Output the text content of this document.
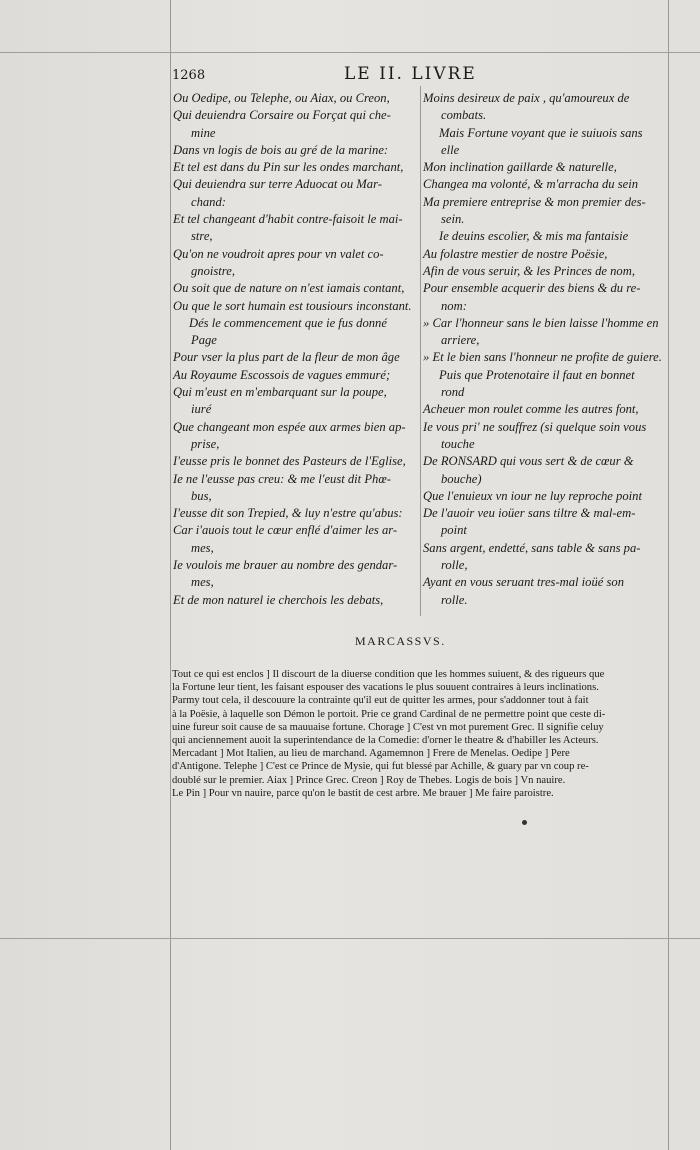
1268	LE II. LIVRE
Ou Oedipe, ou Telephe, ou Aiax, ou Creon,
Qui deuiendra Corsaire ou Forçat qui che-
mine
Dans vn logis de bois au gré de la marine:
Et tel est dans du Pin sur les ondes marchant,
Qui deuiendra sur terre Aduocat ou Mar-
chand:
Et tel changeant d'habit contre-faisoit le mai-
stre,
Qu'on ne voudroit apres pour vn valet co-
gnoistre,
Ou soit que de nature on n'est iamais contant,
Ou que le sort humain est tousiours inconstant.
Dés le commencement que ie fus donné
Page
Pour vser la plus part de la fleur de mon âge
Au Royaume Escossois de vagues emmuré;
Qui m'eust en m'embarquant sur la poupe,
iuré
Que changeant mon espée aux armes bien ap-
prise,
I'eusse pris le bonnet des Pasteurs de l'Eglise,
Ie ne l'eusse pas creu: & me l'eust dit Phœ-
bus,
I'eusse dit son Trepied, & luy n'estre qu'abus:
Car i'auois tout le cœur enflé d'aimer les ar-
mes,
Ie voulois me brauer au nombre des gendar-
mes,
Et de mon naturel ie cherchois les debats,
Moins desireux de paix , qu'amoureux de
combats.
Mais Fortune voyant que ie suiuois sans
elle
Mon inclination gaillarde & naturelle,
Changea ma volonté, & m'arracha du sein
Ma premiere entreprise & mon premier des-
sein.
Ie deuins escolier, & mis ma fantaisie
Au folastre mestier de nostre Poësie,
Afin de vous seruir, & les Princes de nom,
Pour ensemble acquerir des biens & du re-
nom:
» Car l'honneur sans le bien laisse l'homme en
arriere,
» Et le bien sans l'honneur ne profite de guiere.
Puis que Protenotaire il faut en bonnet
rond
Acheuer mon roulet comme les autres font,
Ie vous pri' ne souffrez (si quelque soin vous
touche
De RONSARD qui vous sert & de cœur &
bouche)
Que l'enuieux vn iour ne luy reproche point
De l'auoir veu ioüer sans tiltre & mal-em-
point
Sans argent, endetté, sans table & sans pa-
rolle,
Ayant en vous seruant tres-mal ioüé son
rolle.
MARCASSVS.
Tout ce qui est enclos ] Il discourt de la diuerse condition que les hommes suiuent, & des rigueurs que
la Fortune leur tient, les faisant espouser des vacations le plus souuent contraires à leurs inclinations.
Parmy tout cela, il descouure la contrainte qu'il eut de quitter les armes, pour s'addonner tout à fait
à la Poësie, à laquelle son Démon le portoit. Prie ce grand Cardinal de ne permettre point que ceste di-
uine fureur soit cause de sa mauuaise fortune. Chorage ] C'est vn mot purement Grec. Il signifie celuy
qui anciennement auoit la superintendance de la Comedie: d'orner le theatre & d'habiller les Acteurs.
Mercadant ] Mot Italien, au lieu de marchand. Agamemnon ] Frere de Menelas. Oedipe ] Pere
d'Antigone. Telephe ] C'est ce Prince de Mysie, qui fut blessé par Achille, & guary par vn coup re-
doublé sur le premier. Aiax ] Prince Grec. Creon ] Roy de Thebes. Logis de bois ] Vn nauire.
Le Pin ] Pour vn nauire, parce qu'on le bastit de cest arbre. Me brauer ] Me faire paroistre.
